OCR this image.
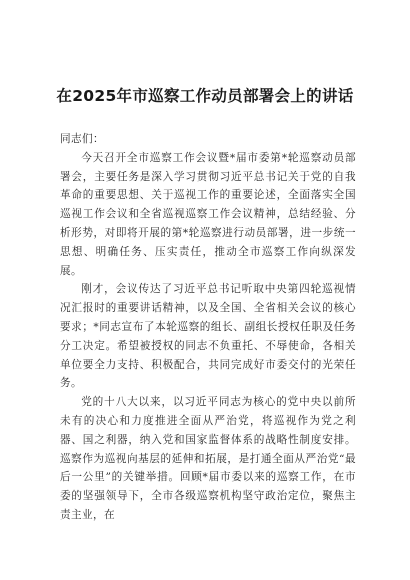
在2025年市巡察工作动员部署会上的讲话

同志们：

今天召开全市巡察工作会议暨*届市委第*轮巡察动员部署会，主要任务是深入学习贯彻习近平总书记关于党的自我革命的重要思想、关于巡视工作的重要论述，全面落实全国巡视工作会议和全省巡视巡察工作会议精神，总结经验、分析形势，对即将开展的第*轮巡察进行动员部署，进一步统一思想、明确任务、压实责任，推动全市巡察工作向纵深发展。

刚才，会议传达了习近平总书记听取中央第四轮巡视情况汇报时的重要讲话精神，以及全国、全省相关会议的核心要求；*同志宣布了本轮巡察的组长、副组长授权任职及任务分工决定。希望被授权的同志不负重托、不辱使命，各相关单位要全力支持、积极配合，共同完成好市委交付的光荣任务。

党的十八大以来，以习近平同志为核心的党中央以前所未有的决心和力度推进全面从严治党，将巡视作为党之利器、国之利器，纳入党和国家监督体系的战略性制度安排。巡察作为巡视向基层的延伸和拓展，是打通全面从严治党“最后一公里”的关键举措。回顾*届市委以来的巡察工作，在市委的坚强领导下，全市各级巡察机构坚守政治定位，聚焦主责主业，在
